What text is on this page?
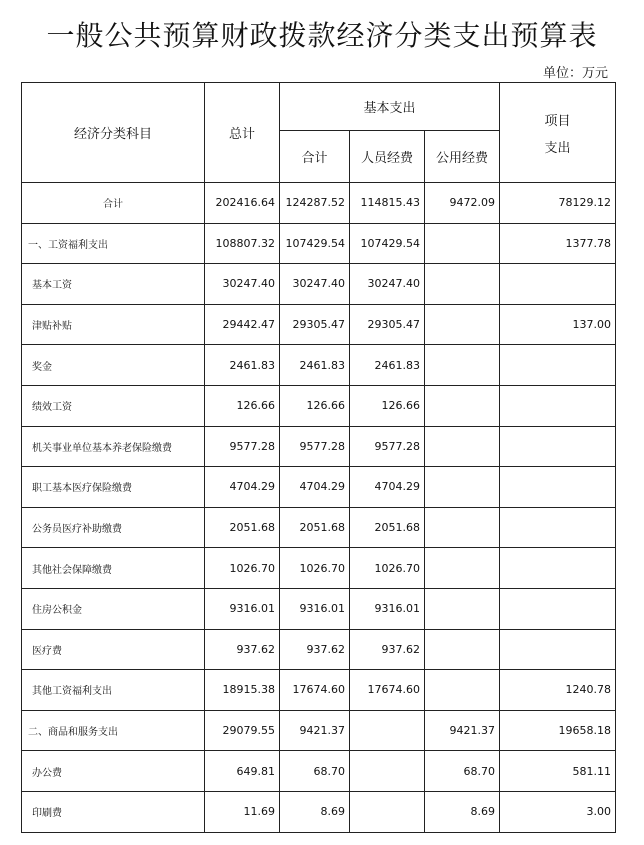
一般公共预算财政拨款经济分类支出预算表
单位：万元
经济分类科目	总计	基本支出			项目
支出

		合计	人员经费	公用经费	
合计	202416.64	124287.52	114815.43	9472.09	78129.12
一、工资福利支出	108807.32	107429.54	107429.54		1377.78
基本工资	30247.40	30247.40	30247.40		
津贴补贴	29442.47	29305.47	29305.47		137.00
奖金	2461.83	2461.83	2461.83		
绩效工资	126.66	126.66	126.66		
机关事业单位基本养老保险缴费	9577.28	9577.28	9577.28		
职工基本医疗保险缴费	4704.29	4704.29	4704.29		
公务员医疗补助缴费	2051.68	2051.68	2051.68		
其他社会保障缴费	1026.70	1026.70	1026.70		
住房公积金	9316.01	9316.01	9316.01		
医疗费	937.62	937.62	937.62		
其他工资福利支出	18915.38	17674.60	17674.60		1240.78
二、商品和服务支出	29079.55	9421.37		9421.37	19658.18
办公费	649.81	68.70		68.70	581.11
印刷费	11.69	8.69		8.69	3.00
